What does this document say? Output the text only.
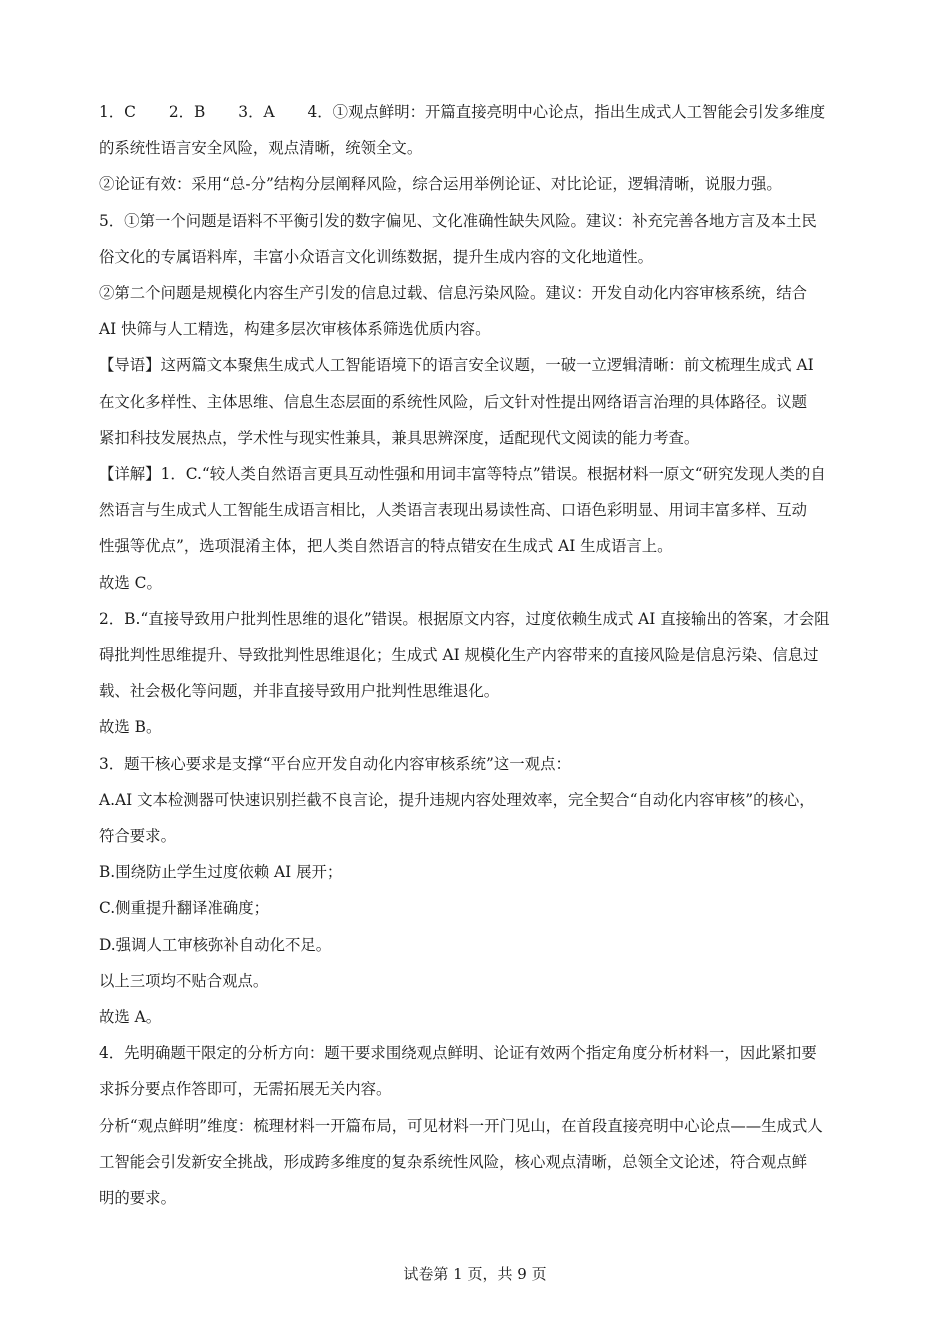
1．C 2．B 3．A 4．①观点鲜明：开篇直接亮明中心论点，指出生成式人工智能会引发多维度
的系统性语言安全风险，观点清晰，统领全文。
②论证有效：采用“总-分”结构分层阐释风险，综合运用举例论证、对比论证，逻辑清晰，说服力强。
5．①第一个问题是语料不平衡引发的数字偏见、文化准确性缺失风险。建议：补充完善各地方言及本土民
俗文化的专属语料库，丰富小众语言文化训练数据，提升生成内容的文化地道性。
②第二个问题是规模化内容生产引发的信息过载、信息污染风险。建议：开发自动化内容审核系统，结合
AI 快筛与人工精选，构建多层次审核体系筛选优质内容。
【导语】这两篇文本聚焦生成式人工智能语境下的语言安全议题，一破一立逻辑清晰：前文梳理生成式 AI
在文化多样性、主体思维、信息生态层面的系统性风险，后文针对性提出网络语言治理的具体路径。议题
紧扣科技发展热点，学术性与现实性兼具，兼具思辨深度，适配现代文阅读的能力考查。
【详解】1．C.“较人类自然语言更具互动性强和用词丰富等特点”错误。根据材料一原文“研究发现人类的自
然语言与生成式人工智能生成语言相比，人类语言表现出易读性高、口语色彩明显、用词丰富多样、互动
性强等优点”，选项混淆主体，把人类自然语言的特点错安在生成式 AI 生成语言上。
故选 C。
2．B.“直接导致用户批判性思维的退化”错误。根据原文内容，过度依赖生成式 AI 直接输出的答案，才会阻
碍批判性思维提升、导致批判性思维退化；生成式 AI 规模化生产内容带来的直接风险是信息污染、信息过
载、社会极化等问题，并非直接导致用户批判性思维退化。
故选 B。
3．题干核心要求是支撑“平台应开发自动化内容审核系统”这一观点：
A.AI 文本检测器可快速识别拦截不良言论，提升违规内容处理效率，完全契合“自动化内容审核”的核心，
符合要求。
B.围绕防止学生过度依赖 AI 展开；
C.侧重提升翻译准确度；
D.强调人工审核弥补自动化不足。
以上三项均不贴合观点。
故选 A。
4．先明确题干限定的分析方向：题干要求围绕观点鲜明、论证有效两个指定角度分析材料一，因此紧扣要
求拆分要点作答即可，无需拓展无关内容。
分析“观点鲜明”维度：梳理材料一开篇布局，可见材料一开门见山，在首段直接亮明中心论点——生成式人
工智能会引发新安全挑战，形成跨多维度的复杂系统性风险，核心观点清晰，总领全文论述，符合观点鲜
明的要求。
试卷第 1 页，共 9 页
